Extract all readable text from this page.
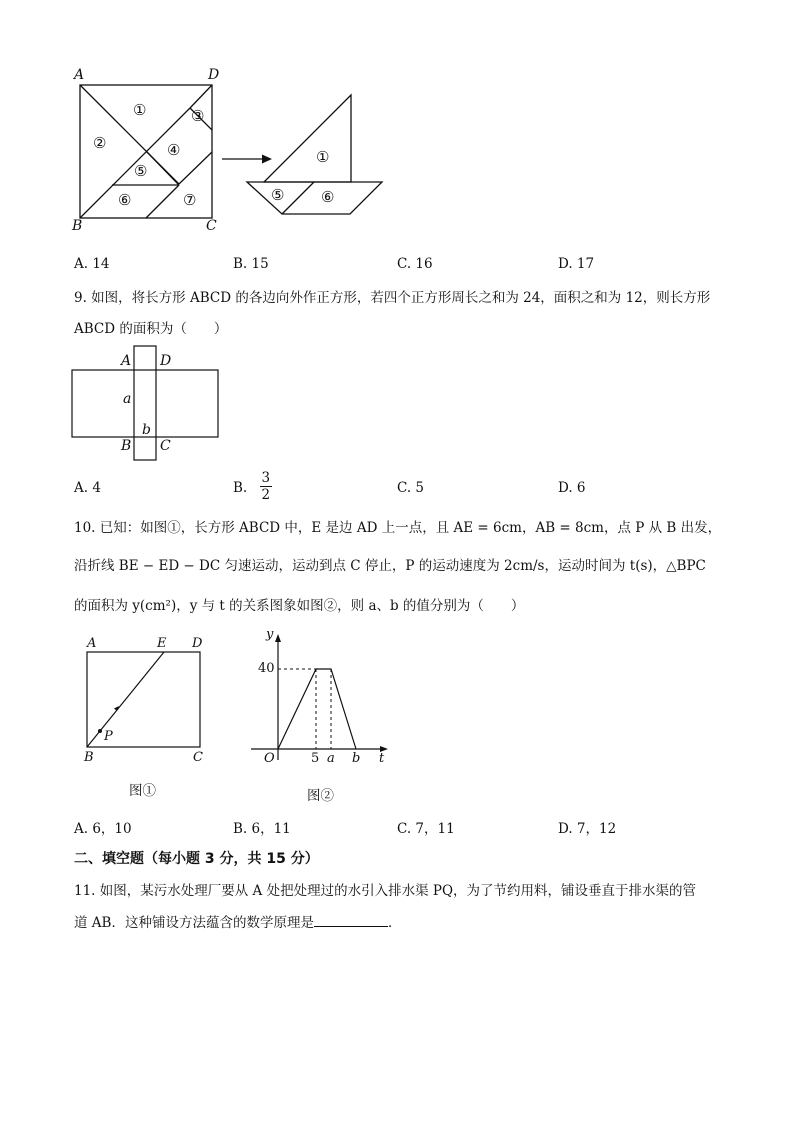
A	D
B	C
①
②
③
④
⑤
⑥	⑦
①
⑤ ⑥
A. 14	B. 15	C. 16	D. 17
9. 如图，将长方形 ABCD 的各边向外作正方形，若四个正方形周长之和为 24，面积之和为 12，则长方形
ABCD 的面积为（　　）
A D
a
b
B C
A. 4	B. $\frac{3}{2}$	C. 5	D. 6
10. 已知：如图①，长方形 ABCD 中，E 是边 AD 上一点，且 AE = 6cm，AB = 8cm，点 P 从 B 出发，
沿折线 BE − ED − DC 匀速运动，运动到点 C 停止，P 的运动速度为 2cm/s，运动时间为 t(s)，△BPC
的面积为 y(cm²)，y 与 t 的关系图象如图②，则 a、b 的值分别为（　　）
A	E D
P
B	C
图①
y
40
O	5 a b t
图②
A. 6，10	B. 6，11	C. 7，11	D. 7，12
二、填空题（每小题 3 分，共 15 分）
11. 如图，某污水处理厂要从 A 处把处理过的水引入排水渠 PQ，为了节约用料，铺设垂直于排水渠的管
道 AB．这种铺设方法蕴含的数学原理是	．
